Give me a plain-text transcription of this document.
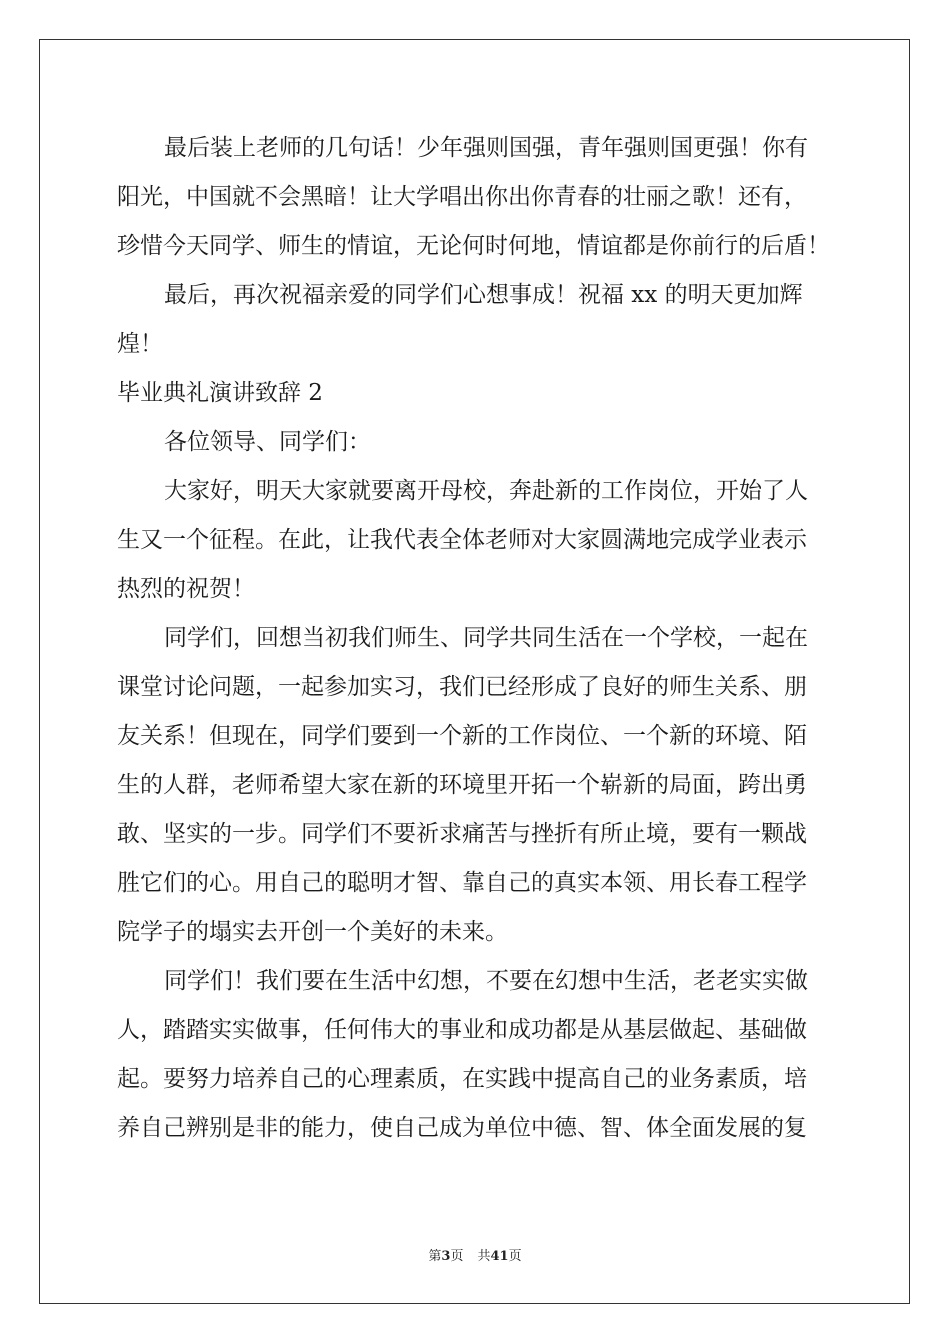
最后装上老师的几句话！少年强则国强，青年强则国更强！你有
阳光，中国就不会黑暗！让大学唱出你出你青春的壮丽之歌！还有，
珍惜今天同学、师生的情谊，无论何时何地，情谊都是你前行的后盾！
最后，再次祝福亲爱的同学们心想事成！祝福 xx 的明天更加辉
煌！
毕业典礼演讲致辞 2
各位领导、同学们：
大家好，明天大家就要离开母校，奔赴新的工作岗位，开始了人
生又一个征程。在此，让我代表全体老师对大家圆满地完成学业表示
热烈的祝贺！
同学们，回想当初我们师生、同学共同生活在一个学校，一起在
课堂讨论问题，一起参加实习，我们已经形成了良好的师生关系、朋
友关系！但现在，同学们要到一个新的工作岗位、一个新的环境、陌
生的人群，老师希望大家在新的环境里开拓一个崭新的局面，跨出勇
敢、坚实的一步。同学们不要祈求痛苦与挫折有所止境，要有一颗战
胜它们的心。用自己的聪明才智、靠自己的真实本领、用长春工程学
院学子的塌实去开创一个美好的未来。
同学们！我们要在生活中幻想，不要在幻想中生活，老老实实做
人，踏踏实实做事，任何伟大的事业和成功都是从基层做起、基础做
起。要努力培养自己的心理素质，在实践中提高自己的业务素质，培
养自己辨别是非的能力，使自己成为单位中德、智、体全面发展的复
第3页 共41页
